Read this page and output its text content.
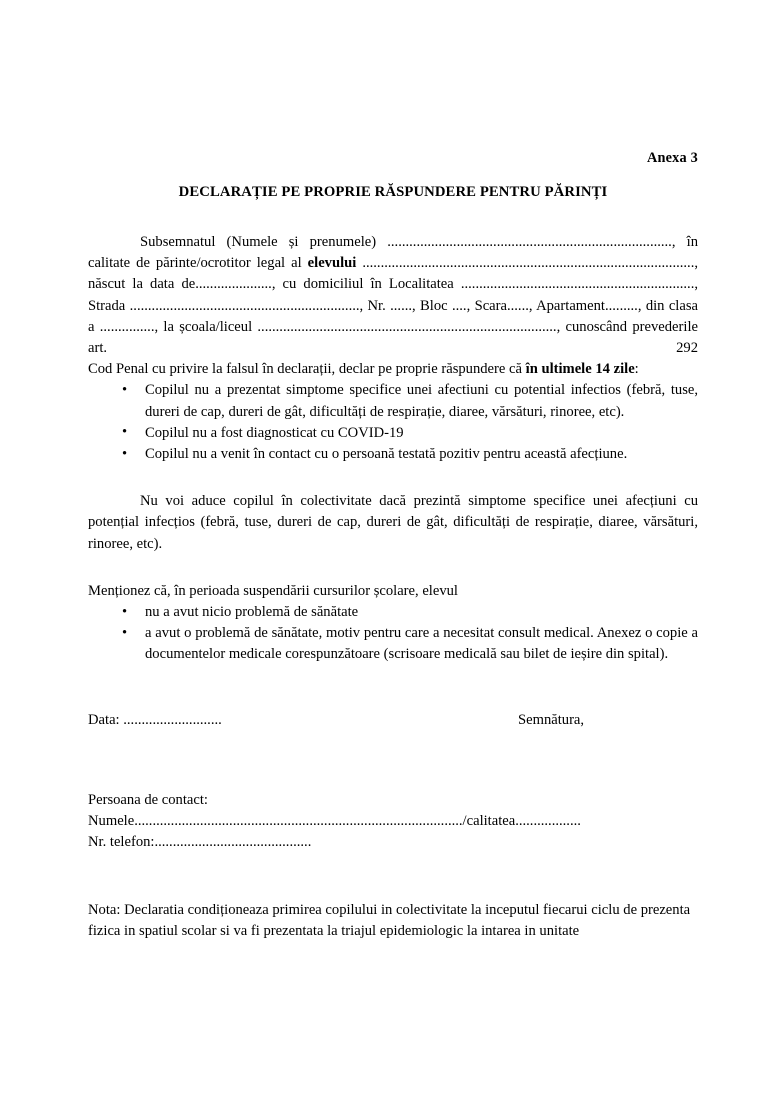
Anexa 3
DECLARAȚIE PE PROPRIE RĂSPUNDERE PENTRU PĂRINȚI
Subsemnatul (Numele și prenumele) .............................................................................., în calitate de părinte/ocrotitor legal al elevului ..........................................................................................., născut la data de....................., cu domiciliul în Localitatea ................................................................, Strada ..............................................................., Nr. ......, Bloc ...., Scara......, Apartament........., din clasa a ..............., la școala/liceul .................................................................................., cunoscând prevederile art. 292
Cod Penal cu privire la falsul în declarații, declar pe proprie răspundere că în ultimele 14 zile:
• Copilul nu a prezentat simptome specifice unei afectiuni cu potential infectios (febră, tuse, dureri de cap, dureri de gât, dificultăți de respirație, diaree, vărsături, rinoree, etc).
• Copilul nu a fost diagnosticat cu COVID-19
• Copilul nu a venit în contact cu o persoană testată pozitiv pentru această afecțiune.
Nu voi aduce copilul în colectivitate dacă prezintă simptome specifice unei afecțiuni cu potențial infecțios (febră, tuse, dureri de cap, dureri de gât, dificultăți de respirație, diaree, vărsături, rinoree, etc).
Menționez că, în perioada suspendării cursurilor școlare, elevul
• nu a avut nicio problemă de sănătate
• a avut o problemă de sănătate, motiv pentru care a necesitat consult medical. Anexez o copie a documentelor medicale corespunzătoare (scrisoare medicală sau bilet de ieșire din spital).
Data: ...........................	Semnătura,
Persoana de contact:
Numele........................................................................................../calitatea..................
Nr. telefon:...........................................
Nota: Declaratia condiționeaza primirea copilului in colectivitate la inceputul fiecarui ciclu de prezenta fizica in spatiul scolar si va fi prezentata la triajul epidemiologic la intarea in unitate
